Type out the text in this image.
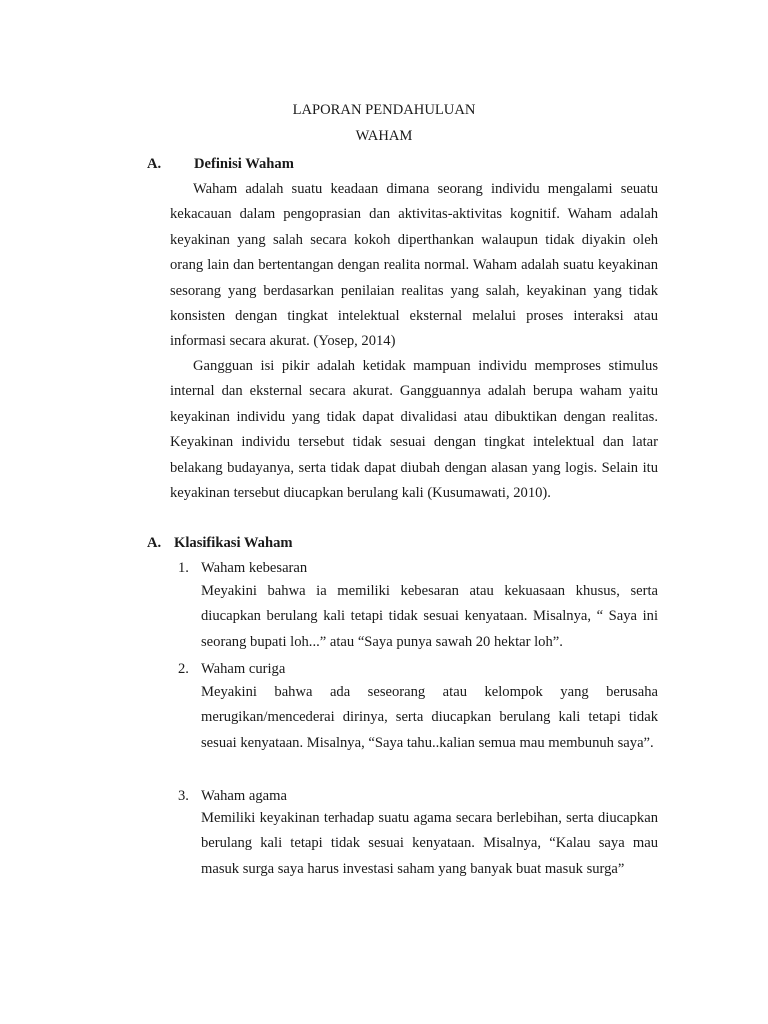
LAPORAN PENDAHULUAN
WAHAM
A. Definisi Waham

Waham adalah suatu keadaan dimana seorang individu mengalami seuatu kekacauan dalam pengoprasian dan aktivitas-aktivitas kognitif. Waham adalah keyakinan yang salah secara kokoh diperthankan walaupun tidak diyakin oleh orang lain dan bertentangan dengan realita normal. Waham adalah suatu keyakinan sesorang yang berdasarkan penilaian realitas yang salah, keyakinan yang tidak konsisten dengan tingkat intelektual eksternal melalui proses interaksi atau informasi secara akurat. (Yosep, 2014)

Gangguan isi pikir adalah ketidak mampuan individu memproses stimulus internal dan eksternal secara akurat. Gangguannya adalah berupa waham yaitu keyakinan individu yang tidak dapat divalidasi atau dibuktikan dengan realitas. Keyakinan individu tersebut tidak sesuai dengan tingkat intelektual dan latar belakang budayanya, serta tidak dapat diubah dengan alasan yang logis. Selain itu keyakinan tersebut diucapkan berulang kali (Kusumawati, 2010).

A. Klasifikasi Waham
1. Waham kebesaran

Meyakini bahwa ia memiliki kebesaran atau kekuasaan khusus, serta diucapkan berulang kali tetapi tidak sesuai kenyataan. Misalnya, “ Saya ini seorang bupati loh...” atau “Saya punya sawah 20 hektar loh”.

2. Waham curiga

Meyakini bahwa ada seseorang atau kelompok yang berusaha merugikan/mencederai dirinya, serta diucapkan berulang kali tetapi tidak sesuai kenyataan. Misalnya, “Saya tahu..kalian semua mau membunuh saya”.

3. Waham agama

Memiliki keyakinan terhadap suatu agama secara berlebihan, serta diucapkan berulang kali tetapi tidak sesuai kenyataan. Misalnya, “Kalau saya mau masuk surga saya harus investasi saham yang banyak buat masuk surga”
